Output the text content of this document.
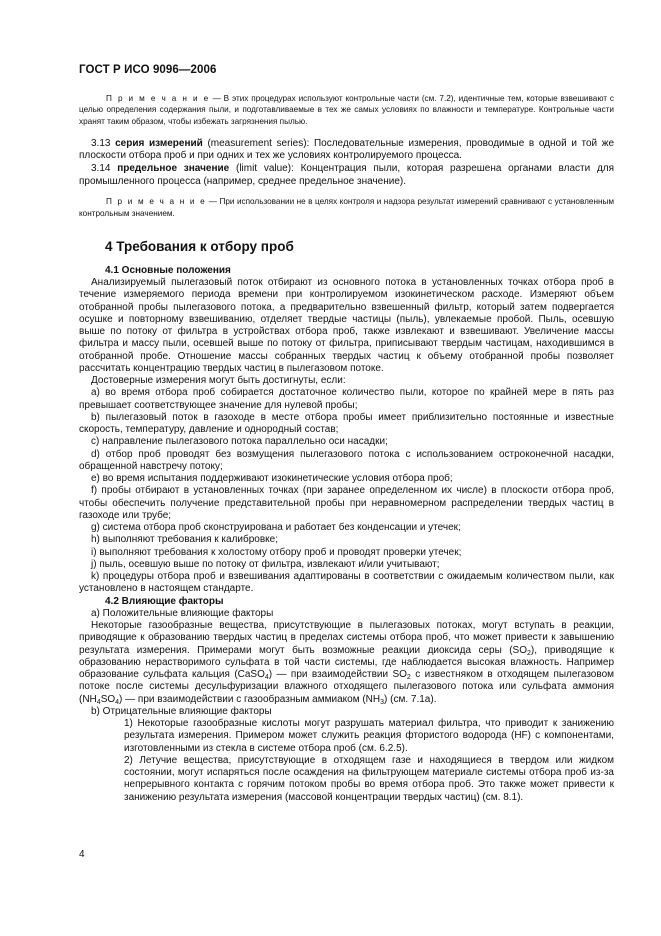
ГОСТ Р ИСО 9096—2006

П р и м е ч а н и е — В этих процедурах используют контрольные части (см. 7.2), идентичные тем, которые взвешивают с целью определения содержания пыли, и подготавливаемые в тех же самых условиях по влажности и температуре. Контрольные части хранят таким образом, чтобы избежать загрязнения пылью.

3.13 серия измерений (measurement series): Последовательные измерения, проводимые в одной и той же плоскости отбора проб и при одних и тех же условиях контролируемого процесса.

3.14 предельное значение (limit value): Концентрация пыли, которая разрешена органами власти для промышленного процесса (например, среднее предельное значение).

П р и м е ч а н и е — При использовании не в целях контроля и надзора результат измерений сравнивают с установленным контрольным значением.

4 Требования к отбору проб

4.1 Основные положения

Анализируемый пылегазовый поток отбирают из основного потока в установленных точках отбора проб в течение измеряемого периода времени при контролируемом изокинетическом расходе. Измеряют объем отобранной пробы пылегазового потока, а предварительно взвешенный фильтр, который затем подвергается осушке и повторному взвешиванию, отделяет твердые частицы (пыль), увлекаемые пробой. Пыль, осевшую выше по потоку от фильтра в устройствах отбора проб, также извлекают и взвешивают. Увеличение массы фильтра и массу пыли, осевшей выше по потоку от фильтра, приписывают твердым частицам, находившимся в отобранной пробе. Отношение массы собранных твердых частиц к объему отобранной пробы позволяет рассчитать концентрацию твердых частиц в пылегазовом потоке.

Достоверные измерения могут быть достигнуты, если:

а) во время отбора проб собирается достаточное количество пыли, которое по крайней мере в пять раз превышает соответствующее значение для нулевой пробы;

b) пылегазовый поток в газоходе в месте отбора пробы имеет приблизительно постоянные и известные скорость, температуру, давление и однородный состав;

c) направление пылегазового потока параллельно оси насадки;

d) отбор проб проводят без возмущения пылегазового потока с использованием остроконечной насадки, обращенной навстречу потоку;

e) во время испытания поддерживают изокинетические условия отбора проб;

f) пробы отбирают в установленных точках (при заранее определенном их числе) в плоскости отбора проб, чтобы обеспечить получение представительной пробы при неравномерном распределении твердых частиц в газоходе или трубе;

g) система отбора проб сконструирована и работает без конденсации и утечек;

h) выполняют требования к калибровке;

i) выполняют требования к холостому отбору проб и проводят проверки утечек;

j) пыль, осевшую выше по потоку от фильтра, извлекают и/или учитывают;

k) процедуры отбора проб и взвешивания адаптированы в соответствии с ожидаемым количеством пыли, как установлено в настоящем стандарте.

4.2 Влияющие факторы

а) Положительные влияющие факторы

Некоторые газообразные вещества, присутствующие в пылегазовых потоках, могут вступать в реакции, приводящие к образованию твердых частиц в пределах системы отбора проб, что может привести к завышению результата измерения. Примерами могут быть возможные реакции диоксида серы $(SO_2)$, приводящие к образованию нерастворимого сульфата в той части системы, где наблюдается высокая влажность. Например образование сульфата кальция (CaSO$_4$) — при взаимодействии $SO_2$ с известняком в отходящем пылегазовом потоке после системы десульфуризации влажного отходящего пылегазового потока или сульфата аммония $(NH_4SO_4)$ — при взаимодействии с газообразным аммиаком $(NH_3)$ (см. 7.1а).

b) Отрицательные влияющие факторы

1) Некоторые газообразные кислоты могут разрушать материал фильтра, что приводит к занижению результата измерения. Примером может служить реакция фтористого водорода (HF) с компонентами, изготовленными из стекла в системе отбора проб (см. 6.2.5).

2) Летучие вещества, присутствующие в отходящем газе и находящиеся в твердом или жидком состоянии, могут испаряться после осаждения на фильтрующем материале системы отбора проб из-за непрерывного контакта с горячим потоком пробы во время отбора проб. Это также может привести к занижению результата измерения (массовой концентрации твердых частиц) (см. 8.1).

4
